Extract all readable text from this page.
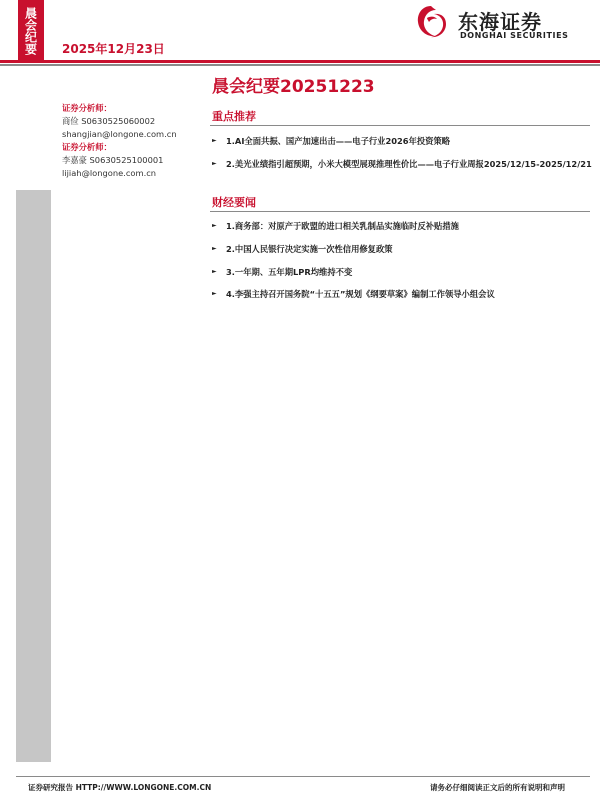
晨会纪要	2025年12月23日
东海证券
DONGHAI SECURITIES
证券分析师：
商俭 S0630525060002
shangjian@longone.com.cn
证券分析师：
李嘉豪 S0630525100001
lijiah@longone.com.cn
晨会纪要20251223
重点推荐
►	1.AI全面共振、国产加速出击——电子行业2026年投资策略
►	2.美光业绩指引超预期，小米大模型展现推理性价比——电子行业周报2025/12/15-2025/12/21
财经要闻
►	1.商务部：对原产于欧盟的进口相关乳制品实施临时反补贴措施
►	2.中国人民银行决定实施一次性信用修复政策
►	3.一年期、五年期LPR均维持不变
►	4.李强主持召开国务院“十五五”规划《纲要草案》编制工作领导小组会议
证券研究报告 HTTP://WWW.LONGONE.COM.CN	请务必仔细阅读正文后的所有说明和声明
